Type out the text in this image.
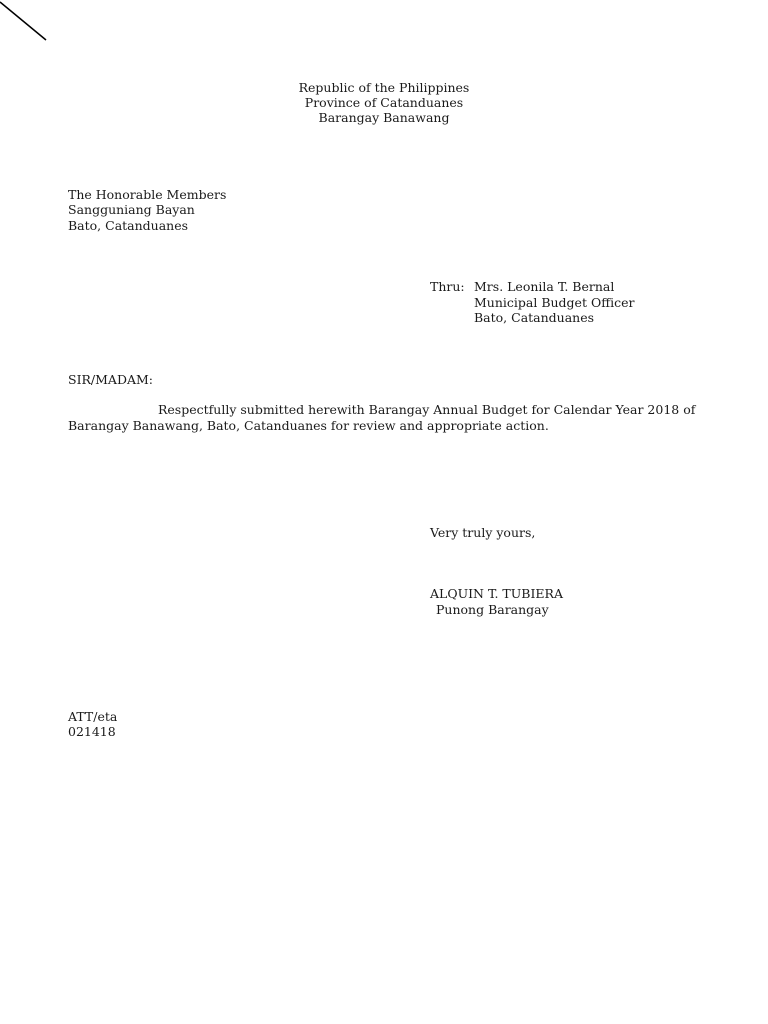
Republic of the Philippines
Province of Catanduanes
Barangay Banawang
The Honorable Members
Sangguniang Bayan
Bato, Catanduanes
Thru: Mrs. Leonila T. Bernal
Municipal Budget Officer
Bato, Catanduanes
SIR/MADAM:
Respectfully submitted herewith Barangay Annual Budget for Calendar Year 2018 of
Barangay Banawang, Bato, Catanduanes for review and appropriate action.
Very truly yours,
ALQUIN T. TUBIERA
Punong Barangay
ATT/eta
021418
